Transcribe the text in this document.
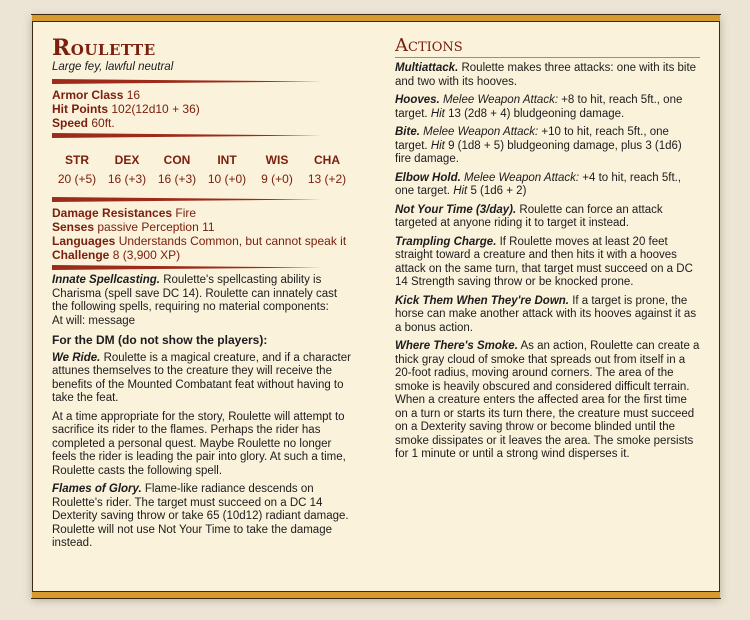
Roulette
Large fey, lawful neutral
Armor Class 16
Hit Points 102(12d10 + 36)
Speed 60ft.
STR
20 (+5)
DEX
16 (+3)
CON
16 (+3)
INT
10 (+0)
WIS
9 (+0)
CHA
13 (+2)
Damage Resistances Fire
Senses passive Perception 11
Languages Understands Common, but cannot speak it
Challenge 8 (3,900 XP)

Innate Spellcasting. Roulette's spellcasting ability is Charisma (spell save DC 14). Roulette can innately cast the following spells, requiring no material components:
At will: message

For the DM (do not show the players):

We Ride. Roulette is a magical creature, and if a character attunes themselves to the creature they will receive the benefits of the Mounted Combatant feat without having to take the feat.

At a time appropriate for the story, Roulette will attempt to sacrifice its rider to the flames. Perhaps the rider has completed a personal quest. Maybe Roulette no longer feels the rider is leading the pair into glory. At such a time, Roulette casts the following spell.

Flames of Glory. Flame-like radiance descends on Roulette's rider. The target must succeed on a DC 14 Dexterity saving throw or take 65 (10d12) radiant damage. Roulette will not use Not Your Time to take the damage instead.

Actions

Multiattack. Roulette makes three attacks: one with its bite and two with its hooves.

Hooves. Melee Weapon Attack: +8 to hit, reach 5ft., one target. Hit 13 (2d8 + 4) bludgeoning damage.

Bite. Melee Weapon Attack: +10 to hit, reach 5ft., one target. Hit 9 (1d8 + 5) bludgeoning damage, plus 3 (1d6) fire damage.

Elbow Hold. Melee Weapon Attack: +4 to hit, reach 5ft., one target. Hit 5 (1d6 + 2)

Not Your Time (3/day). Roulette can force an attack targeted at anyone riding it to target it instead.

Trampling Charge. If Roulette moves at least 20 feet straight toward a creature and then hits it with a hooves attack on the same turn, that target must succeed on a DC 14 Strength saving throw or be knocked prone.

Kick Them When They're Down. If a target is prone, the horse can make another attack with its hooves against it as a bonus action.

Where There's Smoke. As an action, Roulette can create a thick gray cloud of smoke that spreads out from itself in a 20-foot radius, moving around corners. The area of the smoke is heavily obscured and considered difficult terrain. When a creature enters the affected area for the first time on a turn or starts its turn there, the creature must succeed on a Dexterity saving throw or become blinded until the smoke dissipates or it leaves the area. The smoke persists for 1 minute or until a strong wind disperses it.
